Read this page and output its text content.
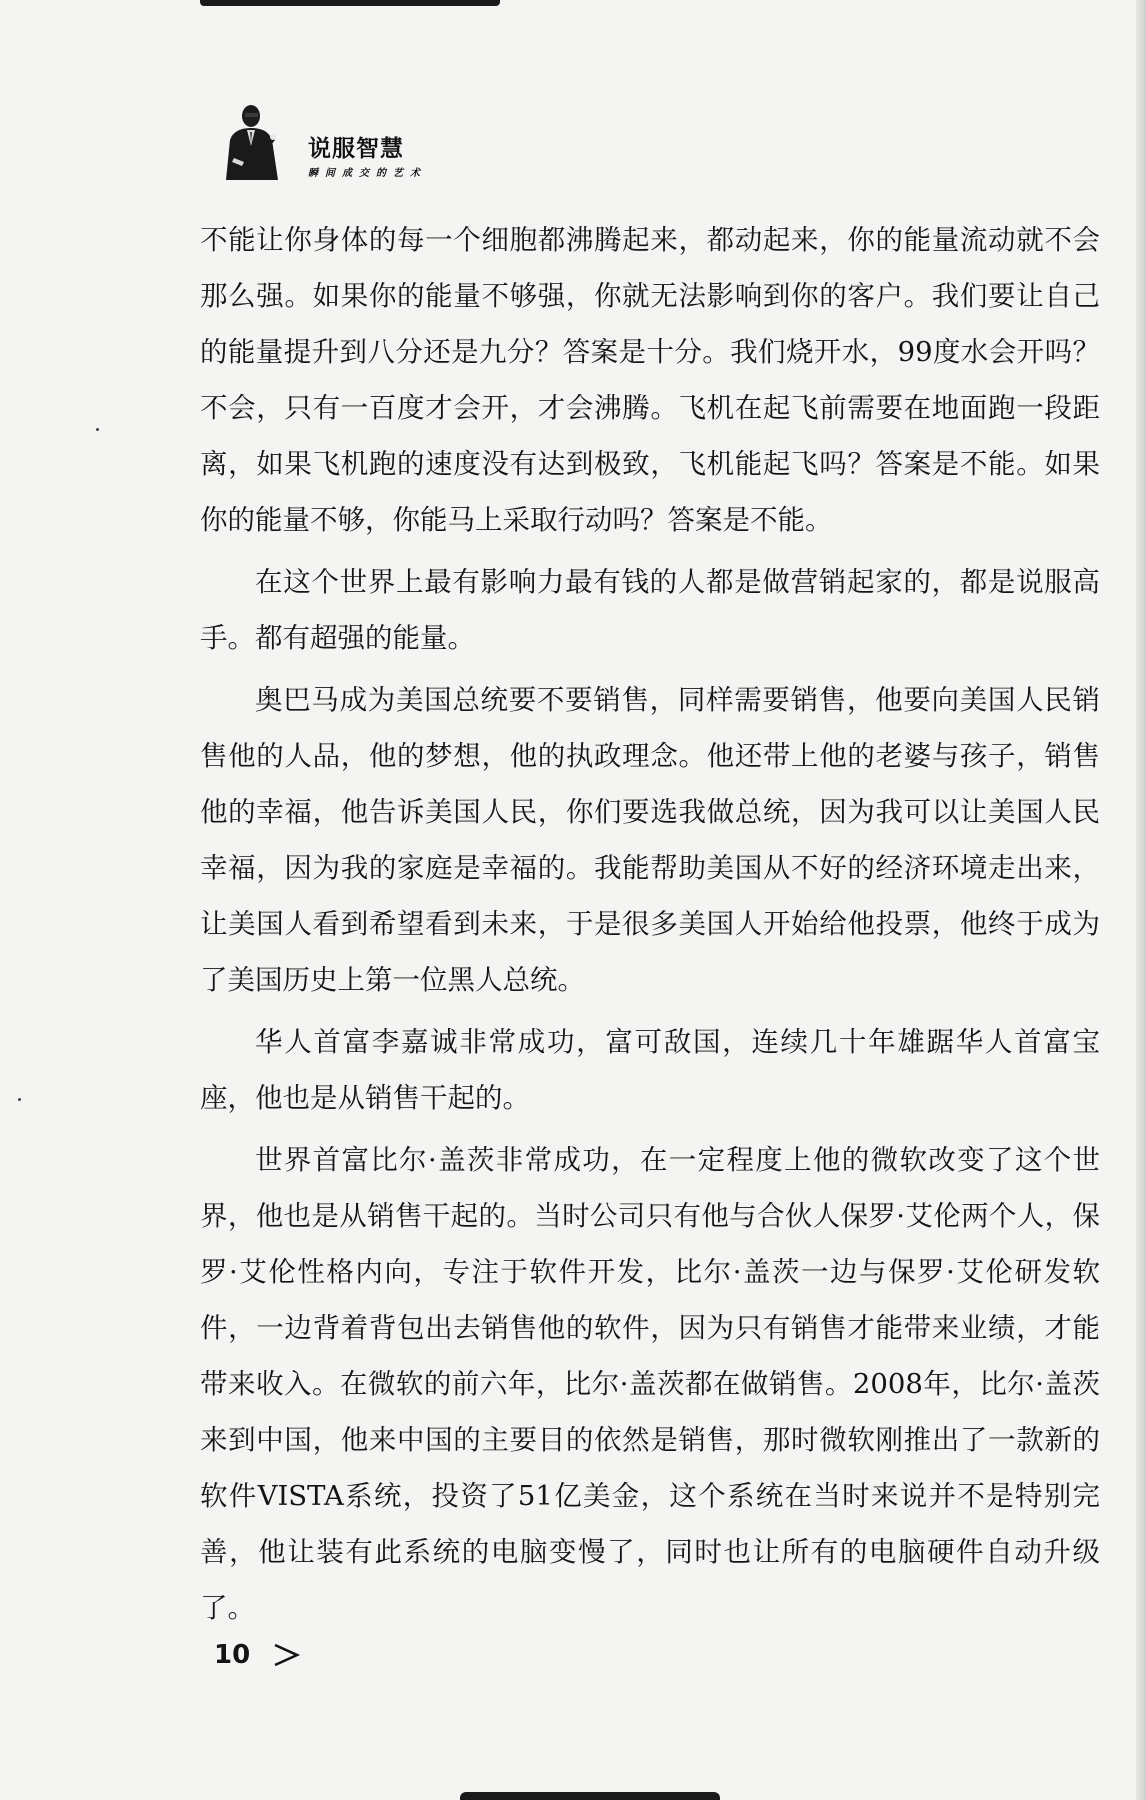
说服智慧
瞬间成交的艺术

不能让你身体的每一个细胞都沸腾起来，都动起来，你的能量流动就不会那么强。如果你的能量不够强，你就无法影响到你的客户。我们要让自己的能量提升到八分还是九分？答案是十分。我们烧开水，99度水会开吗？不会，只有一百度才会开，才会沸腾。飞机在起飞前需要在地面跑一段距离，如果飞机跑的速度没有达到极致，飞机能起飞吗？答案是不能。如果你的能量不够，你能马上采取行动吗？答案是不能。

在这个世界上最有影响力最有钱的人都是做营销起家的，都是说服高手。都有超强的能量。

奥巴马成为美国总统要不要销售，同样需要销售，他要向美国人民销售他的人品，他的梦想，他的执政理念。他还带上他的老婆与孩子，销售他的幸福，他告诉美国人民，你们要选我做总统，因为我可以让美国人民幸福，因为我的家庭是幸福的。我能帮助美国从不好的经济环境走出来，让美国人看到希望看到未来，于是很多美国人开始给他投票，他终于成为了美国历史上第一位黑人总统。

华人首富李嘉诚非常成功，富可敌国，连续几十年雄踞华人首富宝座，他也是从销售干起的。

世界首富比尔·盖茨非常成功，在一定程度上他的微软改变了这个世界，他也是从销售干起的。当时公司只有他与合伙人保罗·艾伦两个人，保罗·艾伦性格内向，专注于软件开发，比尔·盖茨一边与保罗·艾伦研发软件，一边背着背包出去销售他的软件，因为只有销售才能带来业绩，才能带来收入。在微软的前六年，比尔·盖茨都在做销售。2008年，比尔·盖茨来到中国，他来中国的主要目的依然是销售，那时微软刚推出了一款新的软件VISTA系统，投资了51亿美金，这个系统在当时来说并不是特别完善，他让装有此系统的电脑变慢了，同时也让所有的电脑硬件自动升级了。

10
